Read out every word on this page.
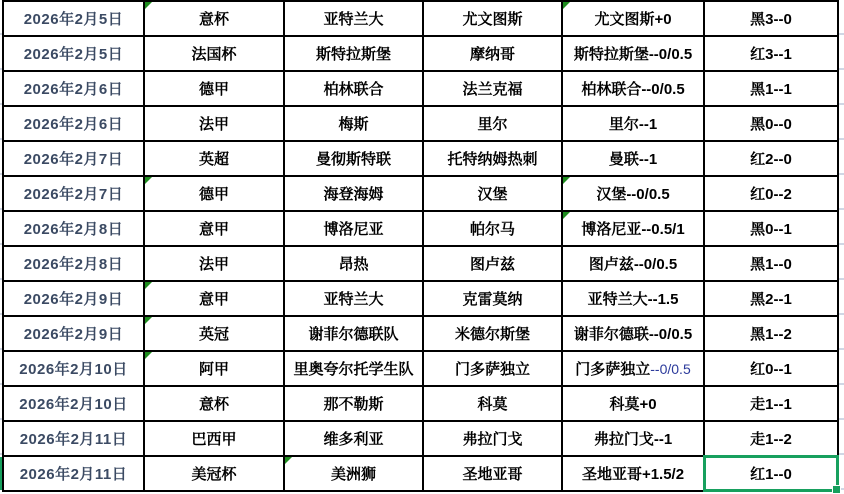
2026年2月5日	意杯	亚特兰大	尤文图斯	尤文图斯+0	黑3--0
2026年2月5日	法国杯	斯特拉斯堡	摩纳哥	斯特拉斯堡--0/0.5	红3--1
2026年2月6日	德甲	柏林联合	法兰克福	柏林联合--0/0.5	黑1--1
2026年2月6日	法甲	梅斯	里尔	里尔--1	黑0--0
2026年2月7日	英超	曼彻斯特联	托特纳姆热刺	曼联--1	红2--0
2026年2月7日	德甲	海登海姆	汉堡	汉堡--0/0.5	红0--2
2026年2月8日	意甲	博洛尼亚	帕尔马	博洛尼亚--0.5/1	黑0--1
2026年2月8日	法甲	昂热	图卢兹	图卢兹--0/0.5	黑1--0
2026年2月9日	意甲	亚特兰大	克雷莫纳	亚特兰大--1.5	黑2--1
2026年2月9日	英冠	谢菲尔德联队	米德尔斯堡	谢菲尔德联--0/0.5	黑1--2
2026年2月10日	阿甲	里奥夸尔托学生队	门多萨独立	门多萨独立--0/0.5	红0--1
2026年2月10日	意杯	那不勒斯	科莫	科莫+0	走1--1
2026年2月11日	巴西甲	维多利亚	弗拉门戈	弗拉门戈--1	走1--2
2026年2月11日	美冠杯	美洲狮	圣地亚哥	圣地亚哥+1.5/2	红1--0
